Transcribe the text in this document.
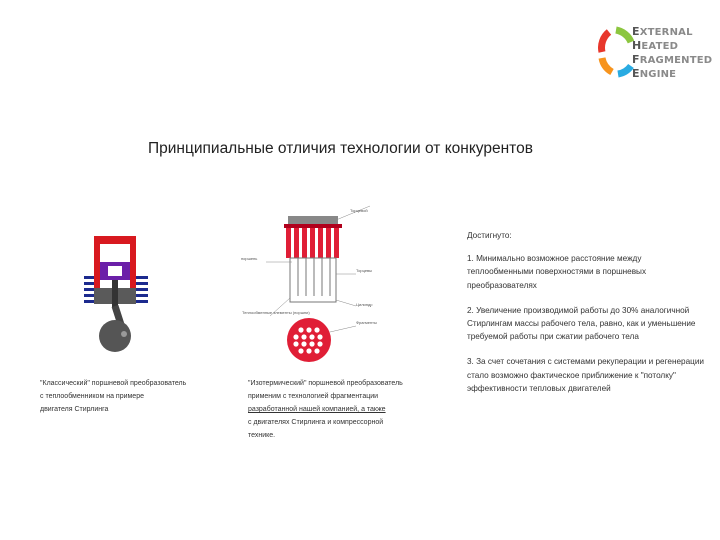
EXTERNAL
HEATED
FRAGMENTED
ENGINE
Принципиальные отличия технологии от конкурентов

"Классический" поршневой преобразователь

с теплообменником на примере

двигателя Стирлинга

поршень
Торцевой
Торцевы
Цилиндр
Теплообменные элементы (поршни)
Фрагменты

"Изотермический" поршневой преобразователь

применим с технологией фрагментации

разработанной нашей компанией, а также

с двигателях Стирлинга и компрессорной

технике.

Достигнуто:

1. Минимально возможное расстояние между теплообменными поверхностями в поршневых преобразователях

2. Увеличение производимой работы до 30% аналогичной Стирлингам массы рабочего тела, равно, как и уменьшение требуемой работы при сжатии рабочего тела

3. За счет сочетания с системами рекуперации и регенерации стало возможно фактическое приближение к "потолку" эффективности тепловых двигателей
